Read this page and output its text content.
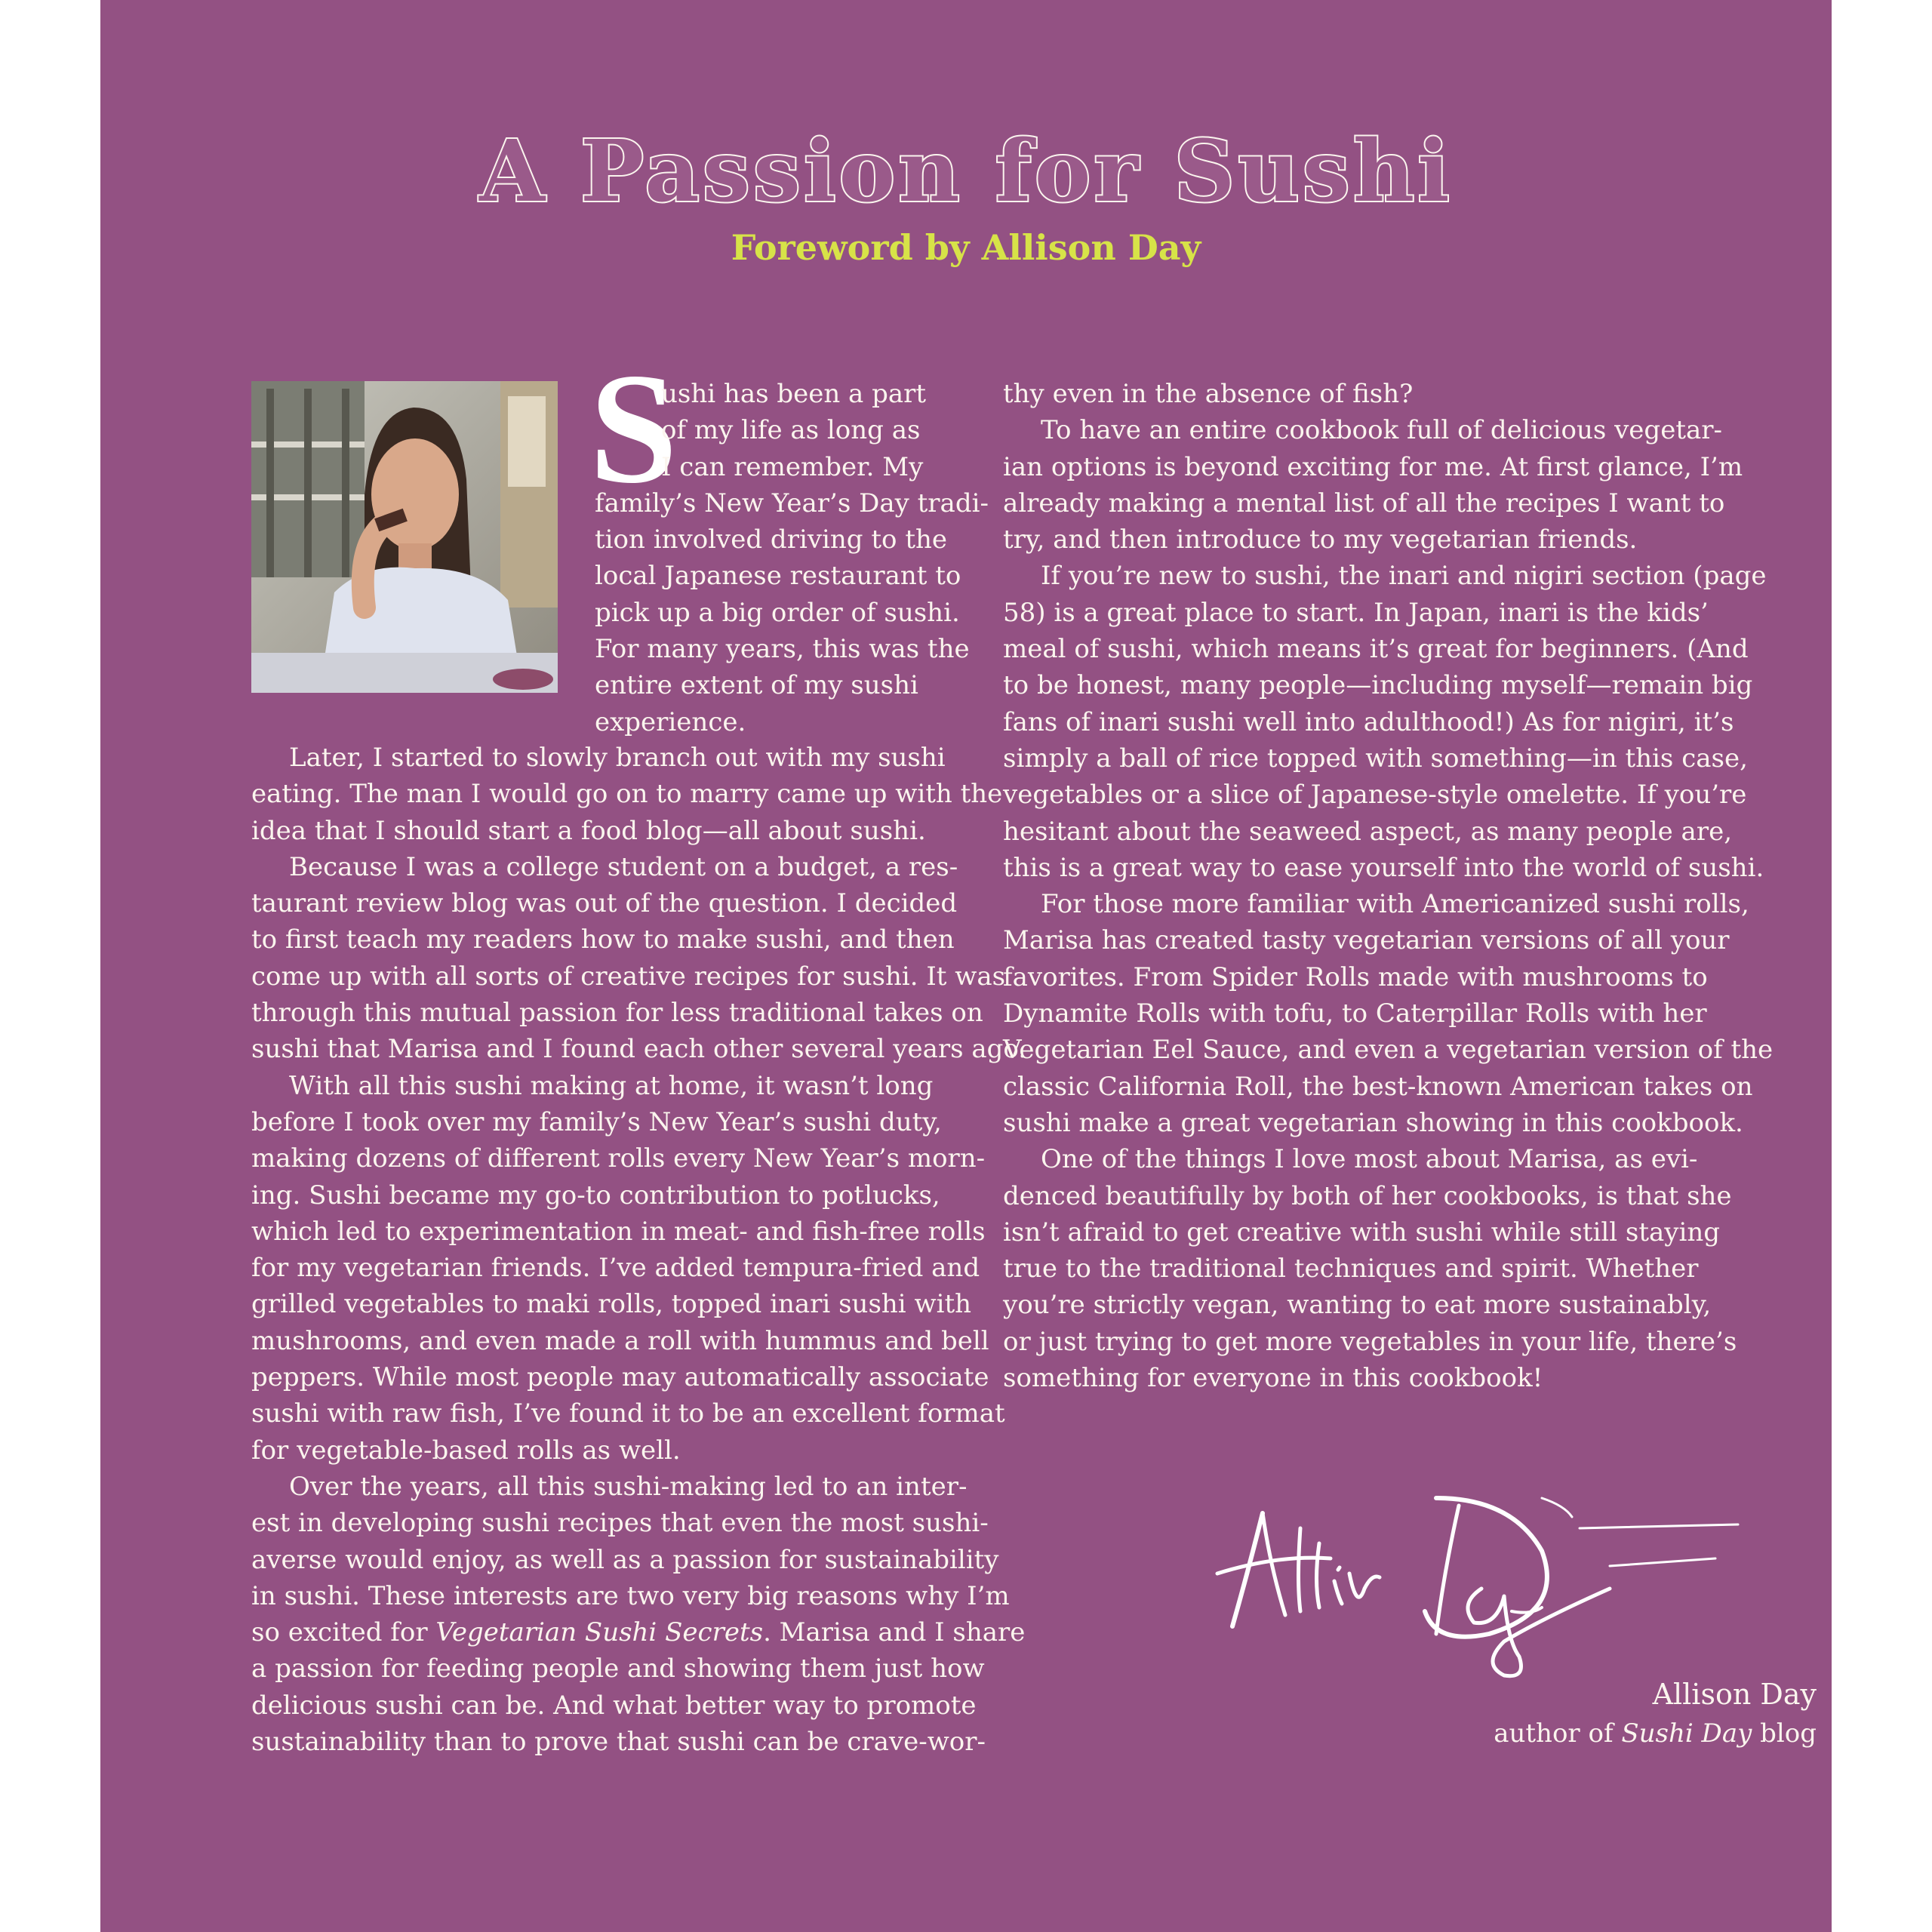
A Passion for Sushi
Foreword by Allison Day
S
ushi has been a part
of my life as long as
I can remember. My
family’s New Year’s Day tradi-
tion involved driving to the
local Japanese restaurant to
pick up a big order of sushi.
For many years, this was the
entire extent of my sushi
experience.
Later, I started to slowly branch out with my sushi
eating. The man I would go on to marry came up with the
idea that I should start a food blog—all about sushi.
Because I was a college student on a budget, a res-
taurant review blog was out of the question. I decided
to first teach my readers how to make sushi, and then
come up with all sorts of creative recipes for sushi. It was
through this mutual passion for less traditional takes on
sushi that Marisa and I found each other several years ago.
With all this sushi making at home, it wasn’t long
before I took over my family’s New Year’s sushi duty,
making dozens of different rolls every New Year’s morn-
ing. Sushi became my go-to contribution to potlucks,
which led to experimentation in meat- and fish-free rolls
for my vegetarian friends. I’ve added tempura-fried and
grilled vegetables to maki rolls, topped inari sushi with
mushrooms, and even made a roll with hummus and bell
peppers. While most people may automatically associate
sushi with raw fish, I’ve found it to be an excellent format
for vegetable-based rolls as well.
Over the years, all this sushi-making led to an inter-
est in developing sushi recipes that even the most sushi-
averse would enjoy, as well as a passion for sustainability
in sushi. These interests are two very big reasons why I’m
so excited for Vegetarian Sushi Secrets. Marisa and I share
a passion for feeding people and showing them just how
delicious sushi can be. And what better way to promote
sustainability than to prove that sushi can be crave-wor-
thy even in the absence of fish?
To have an entire cookbook full of delicious vegetar-
ian options is beyond exciting for me. At first glance, I’m
already making a mental list of all the recipes I want to
try, and then introduce to my vegetarian friends.
If you’re new to sushi, the inari and nigiri section (page
58) is a great place to start. In Japan, inari is the kids’
meal of sushi, which means it’s great for beginners. (And
to be honest, many people—including myself—remain big
fans of inari sushi well into adulthood!) As for nigiri, it’s
simply a ball of rice topped with something—in this case,
vegetables or a slice of Japanese-style omelette. If you’re
hesitant about the seaweed aspect, as many people are,
this is a great way to ease yourself into the world of sushi.
For those more familiar with Americanized sushi rolls,
Marisa has created tasty vegetarian versions of all your
favorites. From Spider Rolls made with mushrooms to
Dynamite Rolls with tofu, to Caterpillar Rolls with her
Vegetarian Eel Sauce, and even a vegetarian version of the
classic California Roll, the best-known American takes on
sushi make a great vegetarian showing in this cookbook.
One of the things I love most about Marisa, as evi-
denced beautifully by both of her cookbooks, is that she
isn’t afraid to get creative with sushi while still staying
true to the traditional techniques and spirit. Whether
you’re strictly vegan, wanting to eat more sustainably,
or just trying to get more vegetables in your life, there’s
something for everyone in this cookbook!

Allison Day

author of Sushi Day blog
